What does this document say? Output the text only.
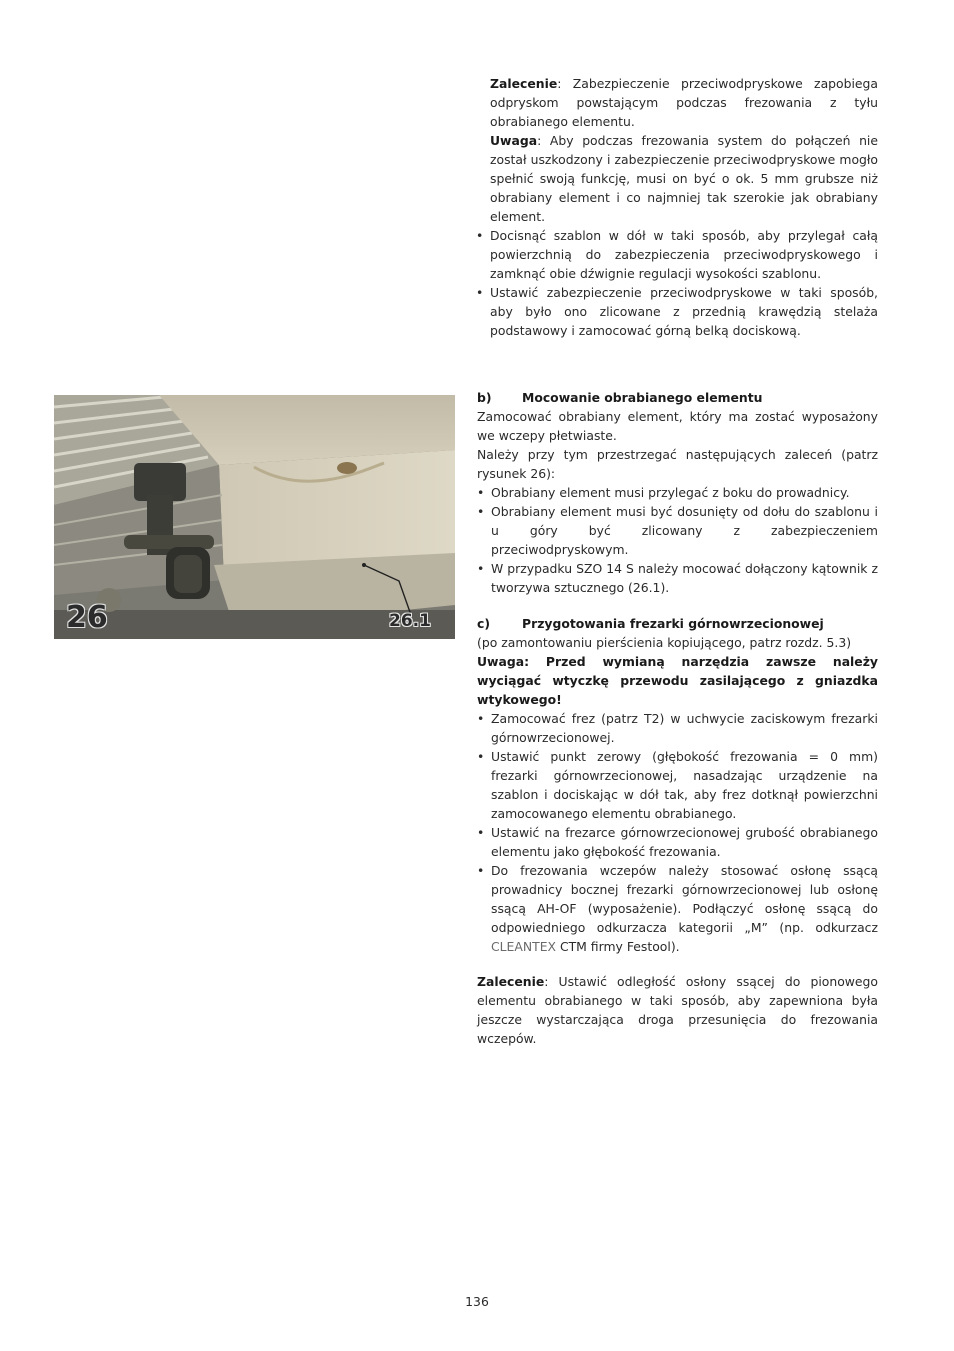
Zalecenie: Zabezpieczenie przeciwodpryskowe zapobiega odpryskom powstającym podczas frezowania z tyłu obrabianego elementu.

Uwaga: Aby podczas frezowania system do połączeń nie został uszkodzony i zabezpieczenie przeciwodpryskowe mogło spełnić swoją funkcję, musi on być o ok. 5 mm grubsze niż obrabiany element i co najmniej tak szerokie jak obrabiany element.

• Docisnąć szablon w dół w taki sposób, aby przylegał całą powierzchnią do zabezpieczenia przeciwodpryskowego i zamknąć obie dźwignie regulacji wysokości szablonu.
• Ustawić zabezpieczenie przeciwodpryskowe w taki sposób, aby było ono zlicowane z przednią krawędzią stelaża podstawowy i zamocować górną belką dociskową.
26	26.1
b)	Mocowanie obrabianego elementu

Zamocować obrabiany element, który ma zostać wyposażony we wczepy płetwiaste.

Należy przy tym przestrzegać następujących zaleceń (patrz rysunek 26):

• Obrabiany element musi przylegać z boku do prowadnicy.
• Obrabiany element musi być dosunięty od dołu do szablonu i u góry być zlicowany z zabezpieczeniem przeciwodpryskowym.
• W przypadku SZO 14 S należy mocować dołączony kątownik z tworzywa sztucznego (26.1).
c)	Przygotowania frezarki górnowrzecionowej

(po zamontowaniu pierścienia kopiującego, patrz rozdz. 5.3)

Uwaga: Przed wymianą narzędzia zawsze należy wyciągać wtyczkę przewodu zasilającego z gniazdka wtykowego!

• Zamocować frez (patrz T2) w uchwycie zaciskowym frezarki górnowrzecionowej.
• Ustawić punkt zerowy (głębokość frezowania = 0 mm) frezarki górnowrzecionowej, nasadzając urządzenie na szablon i dociskając w dół tak, aby frez dotknął powierzchni zamocowanego elementu obrabianego.
• Ustawić na frezarce górnowrzecionowej grubość obrabianego elementu jako głębokość frezowania.
• Do frezowania wczepów należy stosować osłonę ssącą prowadnicy bocznej frezarki górnowrzecionowej lub osłonę ssącą AH-OF (wyposażenie). Podłączyć osłonę ssącą do odpowiedniego odkurzacza kategorii „M” (np. odkurzacz CLEANTEX CTM firmy Festool).

Zalecenie: Ustawić odległość osłony ssącej do pionowego elementu obrabianego w taki sposób, aby zapewniona była jeszcze wystarczająca droga przesunięcia do frezowania wczepów.

136
